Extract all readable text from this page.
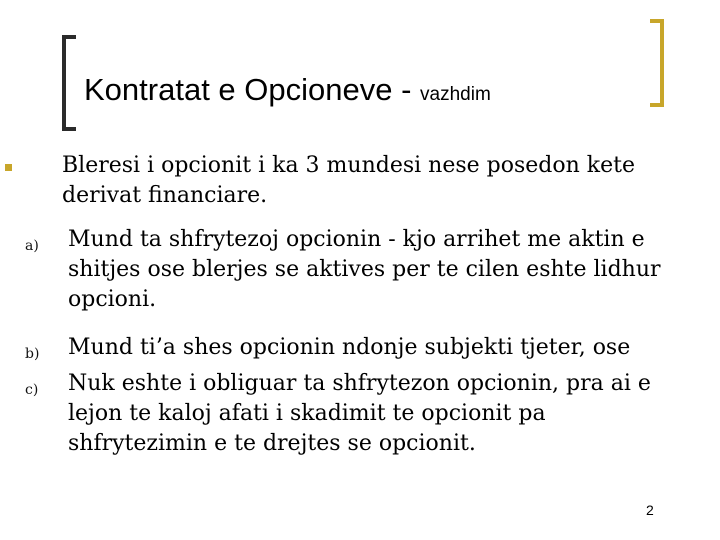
Kontratat e Opcioneve - vazhdim
Bleresi i opcionit i ka 3 mundesi nese posedon kete
derivat financiare.
a) Mund ta shfrytezoj opcionin - kjo arrihet me aktin e
shitjes ose blerjes se aktives per te cilen eshte lidhur
opcioni.
b) Mund ti’a shes opcionin ndonje subjekti tjeter, ose
c) Nuk eshte i obliguar ta shfrytezon opcionin, pra ai e
lejon te kaloj afati i skadimit te opcionit pa
shfrytezimin e te drejtes se opcionit.
2
